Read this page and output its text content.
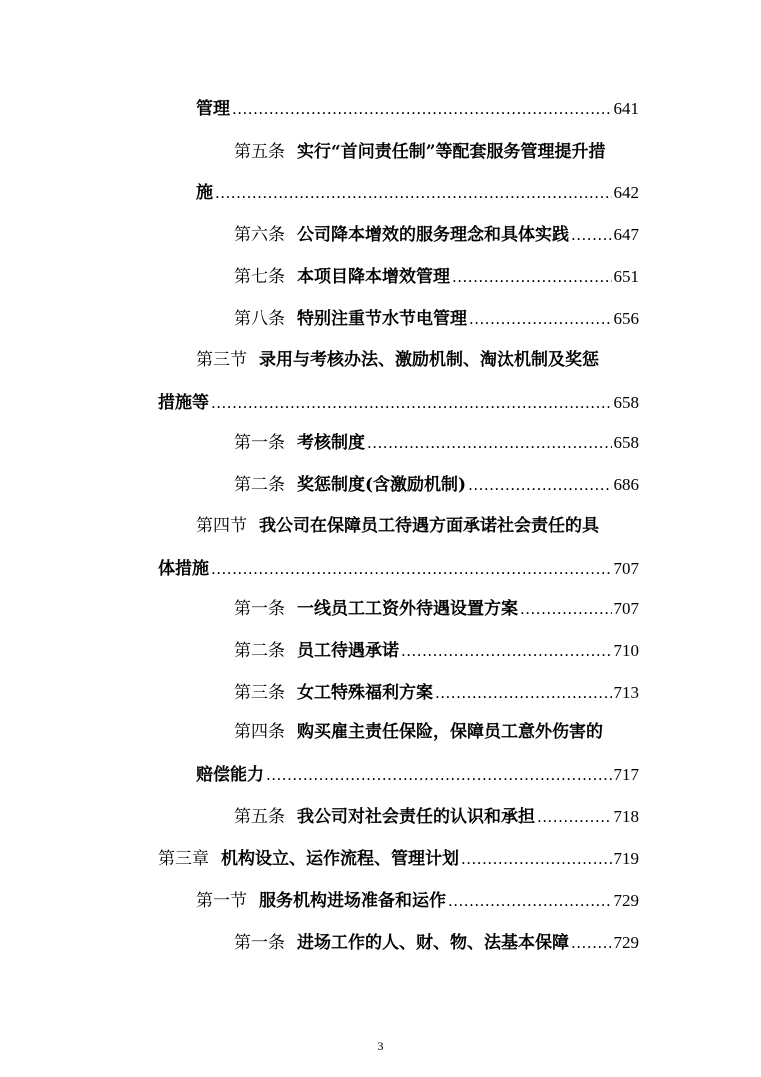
管理 .....	641
第五条 实行“首问责任制”等配套服务管理提升措
施 .....	642
第六条 公司降本增效的服务理念和具体实践 .....	647
第七条 本项目降本增效管理 .....	651
第八条 特别注重节水节电管理 .....	656
第三节 录用与考核办法、激励机制、淘汰机制及奖惩
措施等 .....	658
第一条 考核制度 .....	658
第二条 奖惩制度(含激励机制) .....	686
第四节 我公司在保障员工待遇方面承诺社会责任的具
体措施 .....	707
第一条 一线员工工资外待遇设置方案 .....	707
第二条 员工待遇承诺 .....	710
第三条 女工特殊福利方案 .....	713
第四条 购买雇主责任保险，保障员工意外伤害的
赔偿能力 .....	717
第五条 我公司对社会责任的认识和承担 .....	718
第三章 机构设立、运作流程、管理计划 .....	719
第一节 服务机构进场准备和运作 .....	729
第一条 进场工作的人、财、物、法基本保障 .....	729
3
